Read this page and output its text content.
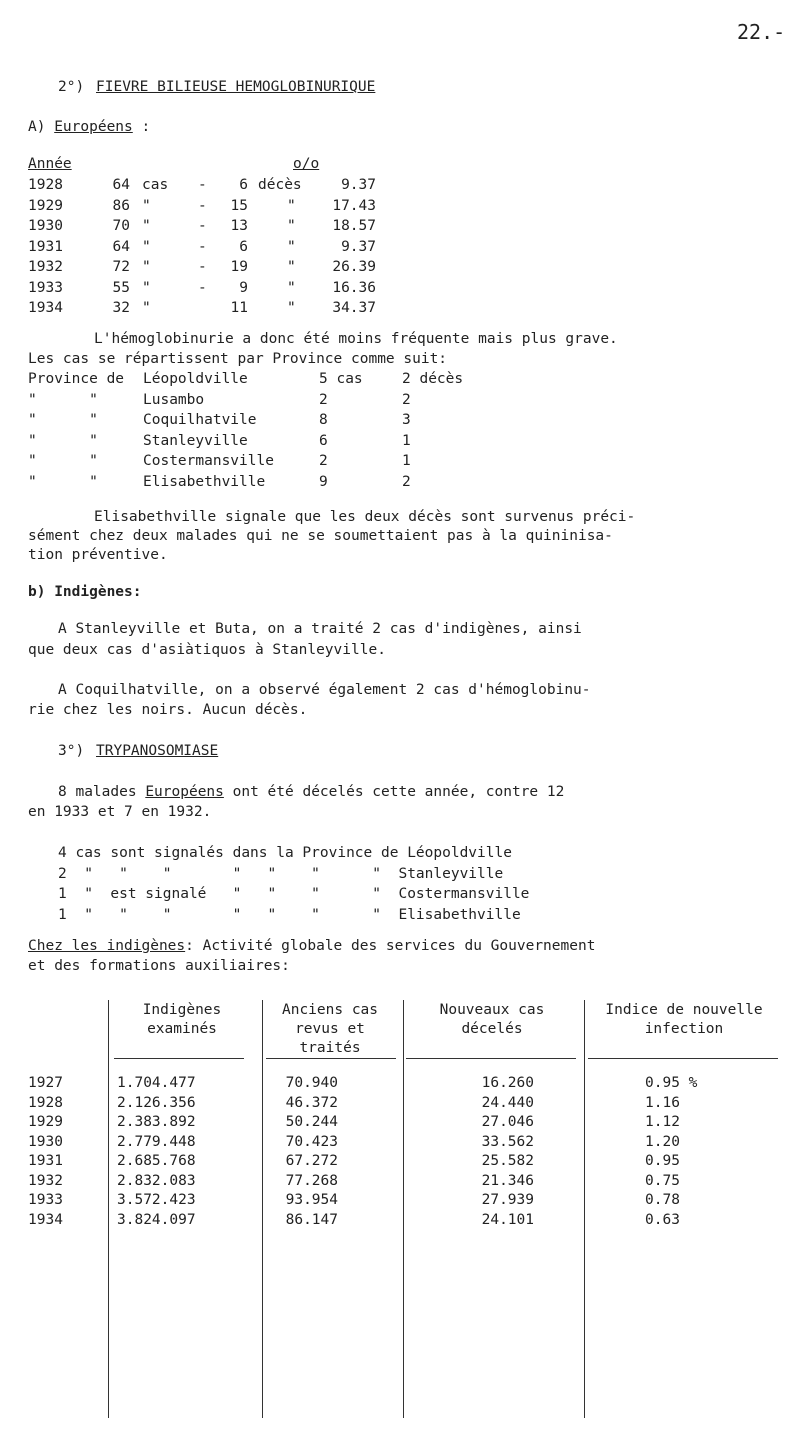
22.-
2°) FIEVRE BILIEUSE HEMOGLOBINURIQUE
A) Européens :
Année	o/o
1928	64 cas -	6 décès	9.37
1929	86 "	-	15	"	17.43
1930	70 "	-	13	"	18.57
1931	64 "	-	6	"	9.37
1932	72 "	-	19	"	26.39
1933	55 "	-	9	"	16.36
1934	32 "	11	"	34.37
L'hémoglobinurie a donc été moins fréquente mais plus grave.
Les cas se répartissent par Province comme suit:
Province de Léopoldville	5 cas	2 décès
"      "	Lusambo	2	2
"      "	Coquilhatvile	8	3
"      "	Stanleyville	6	1
"      "	Costermansville	2	1
"      "	Elisabethville	9	2
Elisabethville signale que les deux décès sont survenus préci-
sément chez deux malades qui ne se soumettaient pas à la quininisa-
tion préventive.
b) Indigènes:
A Stanleyville et Buta, on a traité 2 cas d'indigènes, ainsi
que deux cas d'asiàtiquos à Stanleyville.
A Coquilhatville, on a observé également 2 cas d'hémoglobinu-
rie chez les noirs. Aucun décès.
3°) TRYPANOSOMIASE
8 malades Européens ont été décelés cette année, contre 12
en 1933 et 7 en 1932.
4 cas sont signalés dans la Province de Léopoldville
2  "   "    "       "   "    "      "  Stanleyville
1  "  est signalé   "   "    "      "  Costermansville
1  "   "    "       "   "    "      "  Elisabethville
Chez les indigènes: Activité globale des services du Gouvernement
et des formations auxiliaires:
Indigènes
examinés
Anciens cas
revus et
traités
Nouveaux cas
décelés
Indice de nouvelle
infection
1927	1.704.477	70.940	16.260	0.95 %
1928	2.126.356	46.372	24.440	1.16
1929	2.383.892	50.244	27.046	1.12
1930	2.779.448	70.423	33.562	1.20
1931	2.685.768	67.272	25.582	0.95
1932	2.832.083	77.268	21.346	0.75
1933	3.572.423	93.954	27.939	0.78
1934	3.824.097	86.147	24.101	0.63
